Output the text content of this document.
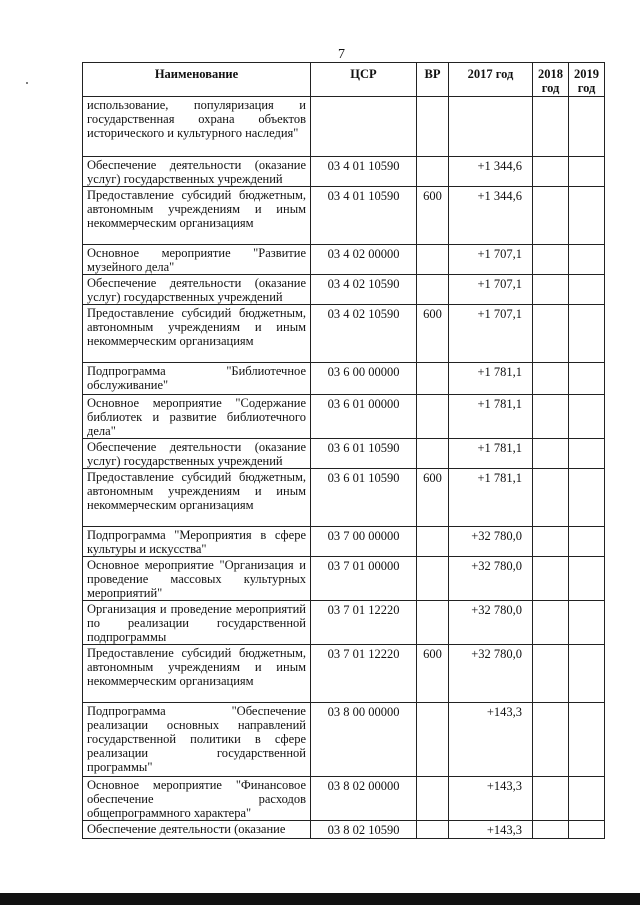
7
Наименование	ЦСР	ВР	2017 год	2018 год	2019 год
использование, популяризация и государственная охрана объектов исторического и культурного наследия"					
Обеспечение деятельности (оказание услуг) государственных учреждений	03 4 01 10590		+1 344,6		
Предоставление субсидий бюджетным, автономным учреждениям и иным некоммерческим организациям	03 4 01 10590	600	+1 344,6		
Основное мероприятие "Развитие музейного дела"	03 4 02 00000		+1 707,1		
Обеспечение деятельности (оказание услуг) государственных учреждений	03 4 02 10590		+1 707,1		
Предоставление субсидий бюджетным, автономным учреждениям и иным некоммерческим организациям	03 4 02 10590	600	+1 707,1		
Подпрограмма "Библиотечное обслуживание"	03 6 00 00000		+1 781,1		
Основное мероприятие "Содержание библиотек и развитие библиотечного дела"	03 6 01 00000		+1 781,1		
Обеспечение деятельности (оказание услуг) государственных учреждений	03 6 01 10590		+1 781,1		
Предоставление субсидий бюджетным, автономным учреждениям и иным некоммерческим организациям	03 6 01 10590	600	+1 781,1		
Подпрограмма "Мероприятия в сфере культуры и искусства"	03 7 00 00000		+32 780,0		
Основное мероприятие "Организация и проведение массовых культурных мероприятий"	03 7 01 00000		+32 780,0		
Организация и проведение мероприятий по реализации государственной подпрограммы	03 7 01 12220		+32 780,0		
Предоставление субсидий бюджетным, автономным учреждениям и иным некоммерческим организациям	03 7 01 12220	600	+32 780,0		
Подпрограмма "Обеспечение реализации основных направлений государственной политики в сфере реализации государственной программы"	03 8 00 00000		+143,3		
Основное мероприятие "Финансовое обеспечение расходов общепрограммного характера"	03 8 02 00000		+143,3		
Обеспечение деятельности (оказание	03 8 02 10590		+143,3		
